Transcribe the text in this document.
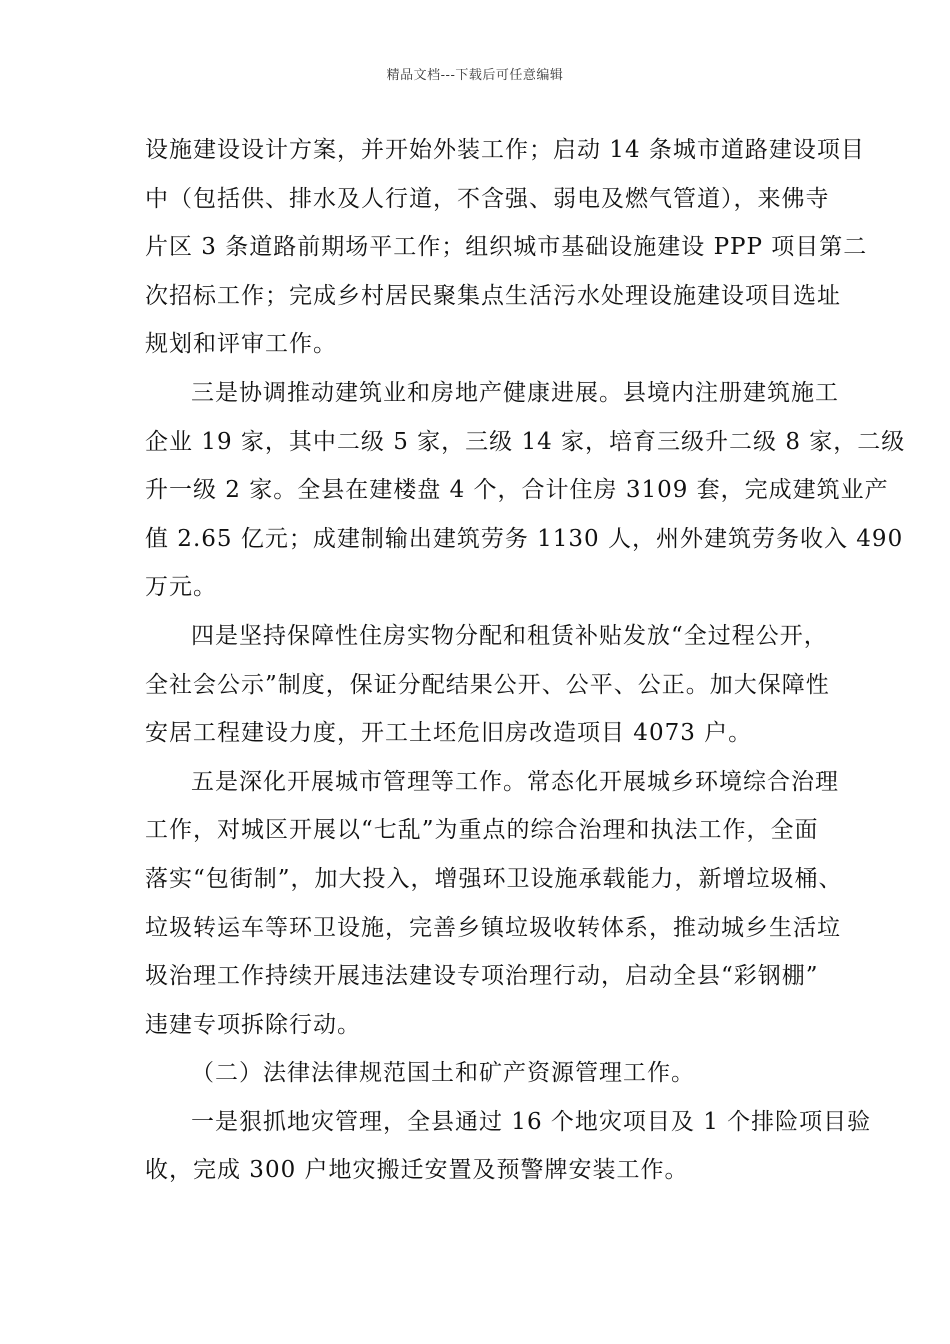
精品文档---下载后可任意编辑
设施建设设计方案，并开始外装工作；启动 14 条城市道路建设项目
中（包括供、排水及人行道，不含强、弱电及燃气管道），来佛寺
片区 3 条道路前期场平工作；组织城市基础设施建设 PPP 项目第二
次招标工作；完成乡村居民聚集点生活污水处理设施建设项目选址
规划和评审工作。
三是协调推动建筑业和房地产健康进展。县境内注册建筑施工
企业 19 家，其中二级 5 家，三级 14 家，培育三级升二级 8 家，二级
升一级 2 家。全县在建楼盘 4 个，合计住房 3109 套，完成建筑业产
值 2.65 亿元；成建制输出建筑劳务 1130 人，州外建筑劳务收入 490
万元。
四是坚持保障性住房实物分配和租赁补贴发放“全过程公开，
全社会公示”制度，保证分配结果公开、公平、公正。加大保障性
安居工程建设力度，开工土坯危旧房改造项目 4073 户。
五是深化开展城市管理等工作。常态化开展城乡环境综合治理
工作，对城区开展以“七乱”为重点的综合治理和执法工作，全面
落实“包街制”，加大投入，增强环卫设施承载能力，新增垃圾桶、
垃圾转运车等环卫设施，完善乡镇垃圾收转体系，推动城乡生活垃
圾治理工作持续开展违法建设专项治理行动，启动全县“彩钢棚”
违建专项拆除行动。
（二）法律法律规范国土和矿产资源管理工作。
一是狠抓地灾管理，全县通过 16 个地灾项目及 1 个排险项目验
收，完成 300 户地灾搬迁安置及预警牌安装工作。
